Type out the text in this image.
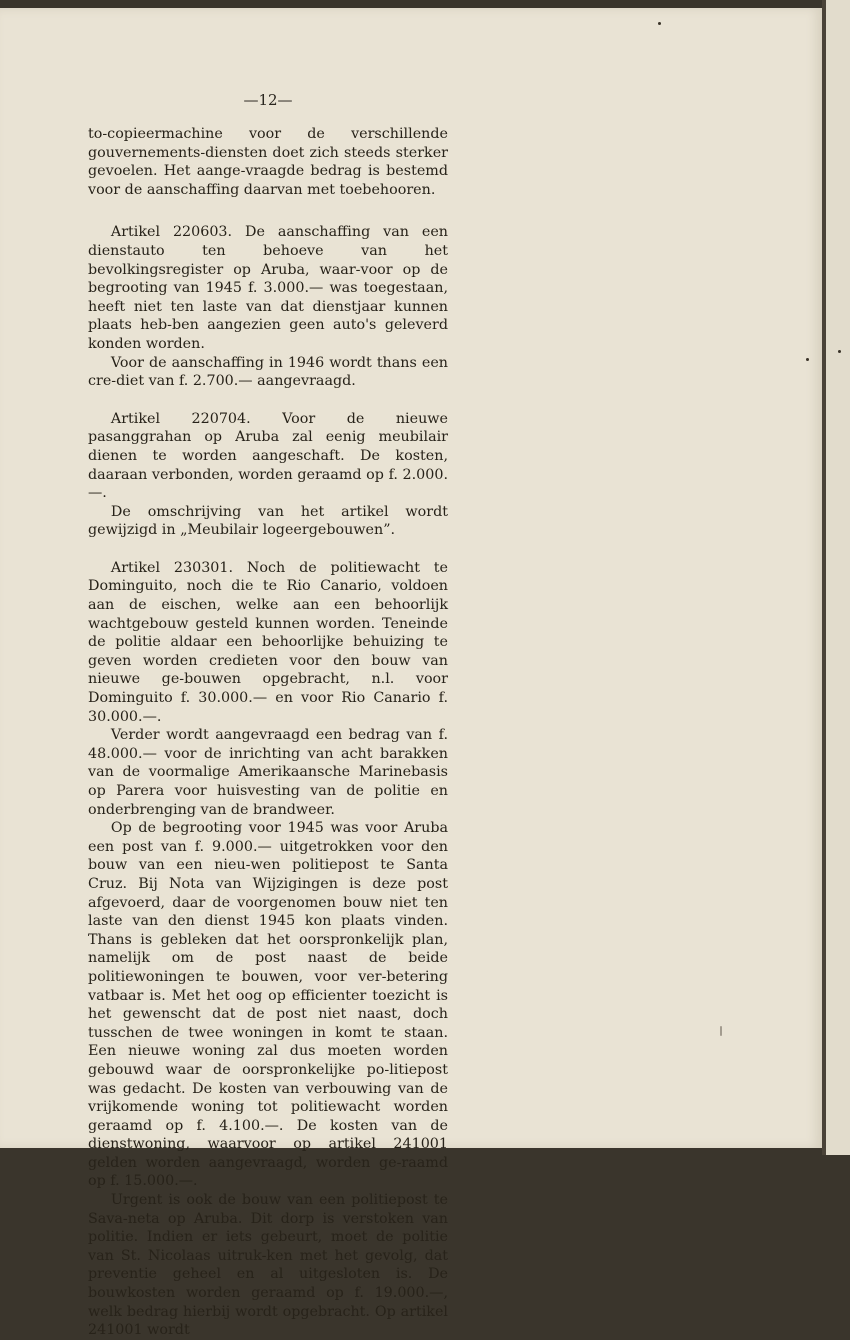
—12—

to-copieermachine voor de verschillende gouvernements-diensten doet zich steeds sterker gevoelen. Het aange-vraagde bedrag is bestemd voor de aanschaffing daarvan met toebehooren.

Artikel 220603. De aanschaffing van een dienstauto ten behoeve van het bevolkingsregister op Aruba, waar-voor op de begrooting van 1945 f. 3.000.— was toegestaan, heeft niet ten laste van dat dienstjaar kunnen plaats heb-ben aangezien geen auto's geleverd konden worden.

Voor de aanschaffing in 1946 wordt thans een cre-diet van f. 2.700.— aangevraagd.

Artikel 220704. Voor de nieuwe pasanggrahan op Aruba zal eenig meubilair dienen te worden aangeschaft. De kosten, daaraan verbonden, worden geraamd op f. 2.000.—.

De omschrijving van het artikel wordt gewijzigd in „Meubilair logeergebouwen”.

Artikel 230301. Noch de politiewacht te Dominguito, noch die te Rio Canario, voldoen aan de eischen, welke aan een behoorlijk wachtgebouw gesteld kunnen worden. Teneinde de politie aldaar een behoorlijke behuizing te geven worden credieten voor den bouw van nieuwe ge-bouwen opgebracht, n.l. voor Dominguito f. 30.000.— en voor Rio Canario f. 30.000.—.

Verder wordt aangevraagd een bedrag van f. 48.000.— voor de inrichting van acht barakken van de voormalige Amerikaansche Marinebasis op Parera voor huisvesting van de politie en onderbrenging van de brandweer.

Op de begrooting voor 1945 was voor Aruba een post van f. 9.000.— uitgetrokken voor den bouw van een nieu-wen politiepost te Santa Cruz. Bij Nota van Wijzigingen is deze post afgevoerd, daar de voorgenomen bouw niet ten laste van den dienst 1945 kon plaats vinden. Thans is gebleken dat het oorspronkelijk plan, namelijk om de post naast de beide politiewoningen te bouwen, voor ver-betering vatbaar is. Met het oog op efficienter toezicht is het gewenscht dat de post niet naast, doch tusschen de twee woningen in komt te staan. Een nieuwe woning zal dus moeten worden gebouwd waar de oorspronkelijke po-litiepost was gedacht. De kosten van verbouwing van de vrijkomende woning tot politiewacht worden geraamd op f. 4.100.—. De kosten van de dienstwoning, waarvoor op artikel 241001 gelden worden aangevraagd, worden ge-raamd op f. 15.000.—.

Urgent is ook de bouw van een politiepost te Sava-neta op Aruba. Dit dorp is verstoken van politie. Indien er iets gebeurt, moet de politie van St. Nicolaas uitruk-ken met het gevolg, dat preventie geheel en al uitgesloten is. De bouwkosten worden geraamd op f. 19.000.—, welk bedrag hierbij wordt opgebracht. Op artikel 241001 wordt
